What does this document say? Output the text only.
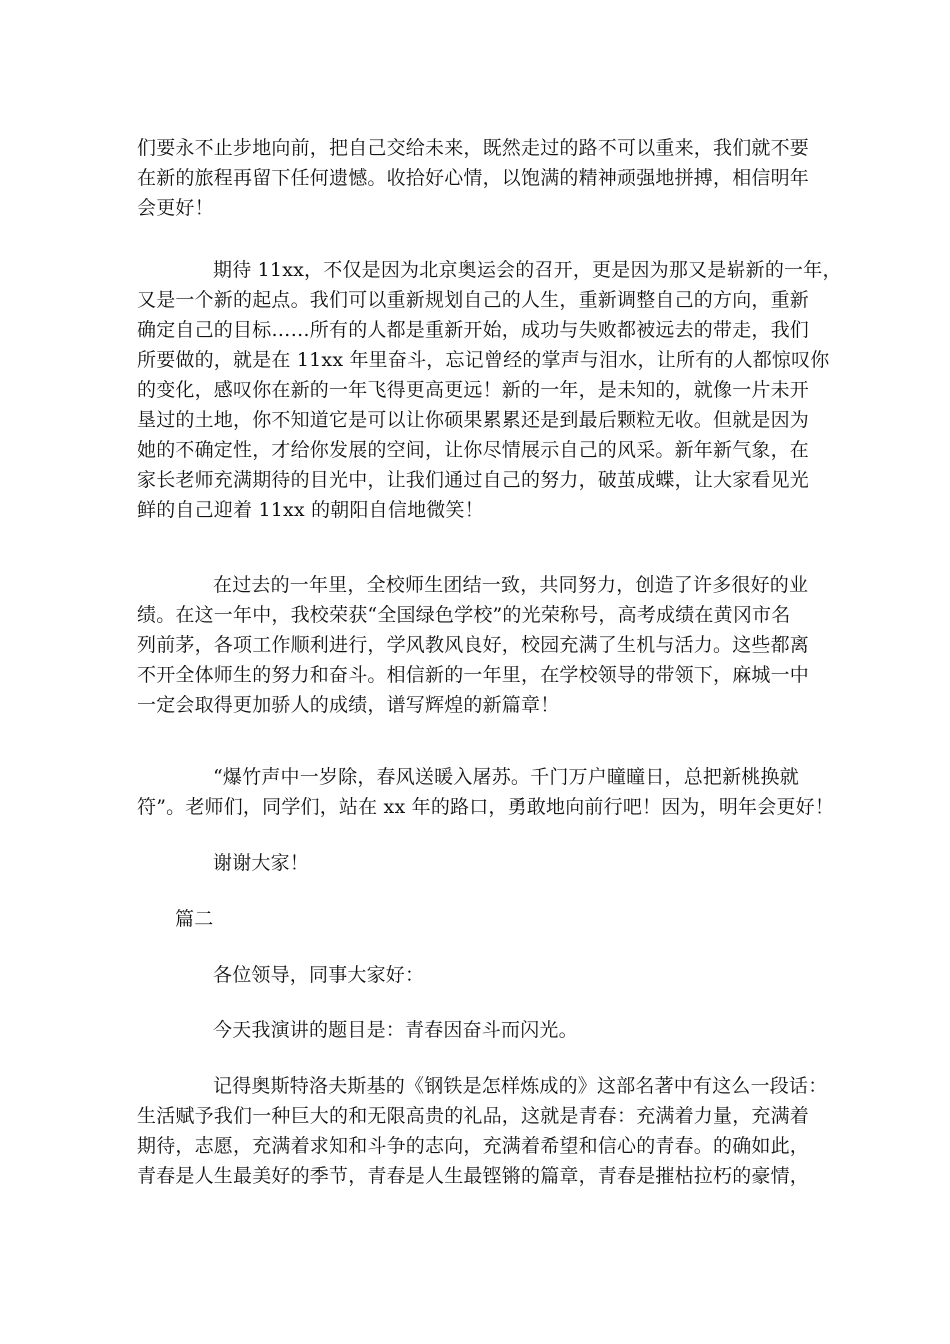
们要永不止步地向前，把自己交给未来，既然走过的路不可以重来，我们就不要
在新的旅程再留下任何遗憾。收拾好心情，以饱满的精神顽强地拼搏，相信明年
会更好！
期待 11xx，不仅是因为北京奥运会的召开，更是因为那又是崭新的一年，
又是一个新的起点。我们可以重新规划自己的人生，重新调整自己的方向，重新
确定自己的目标……所有的人都是重新开始，成功与失败都被远去的带走，我们
所要做的，就是在 11xx 年里奋斗，忘记曾经的掌声与泪水，让所有的人都惊叹你
的变化，感叹你在新的一年飞得更高更远！新的一年，是未知的，就像一片未开
垦过的土地，你不知道它是可以让你硕果累累还是到最后颗粒无收。但就是因为
她的不确定性，才给你发展的空间，让你尽情展示自己的风采。新年新气象，在
家长老师充满期待的目光中，让我们通过自己的努力，破茧成蝶，让大家看见光
鲜的自己迎着 11xx 的朝阳自信地微笑！
在过去的一年里，全校师生团结一致，共同努力，创造了许多很好的业
绩。在这一年中，我校荣获“全国绿色学校”的光荣称号，高考成绩在黄冈市名
列前茅，各项工作顺利进行，学风教风良好，校园充满了生机与活力。这些都离
不开全体师生的努力和奋斗。相信新的一年里，在学校领导的带领下，麻城一中
一定会取得更加骄人的成绩，谱写辉煌的新篇章！
“爆竹声中一岁除，春风送暖入屠苏。千门万户曈曈日，总把新桃换就
符”。老师们，同学们，站在 xx 年的路口，勇敢地向前行吧！因为，明年会更好！
谢谢大家！
篇二
各位领导，同事大家好：
今天我演讲的题目是：青春因奋斗而闪光。
记得奥斯特洛夫斯基的《钢铁是怎样炼成的》这部名著中有这么一段话：
生活赋予我们一种巨大的和无限高贵的礼品，这就是青春：充满着力量，充满着
期待，志愿，充满着求知和斗争的志向，充满着希望和信心的青春。的确如此，
青春是人生最美好的季节，青春是人生最铿锵的篇章，青春是摧枯拉朽的豪情，
